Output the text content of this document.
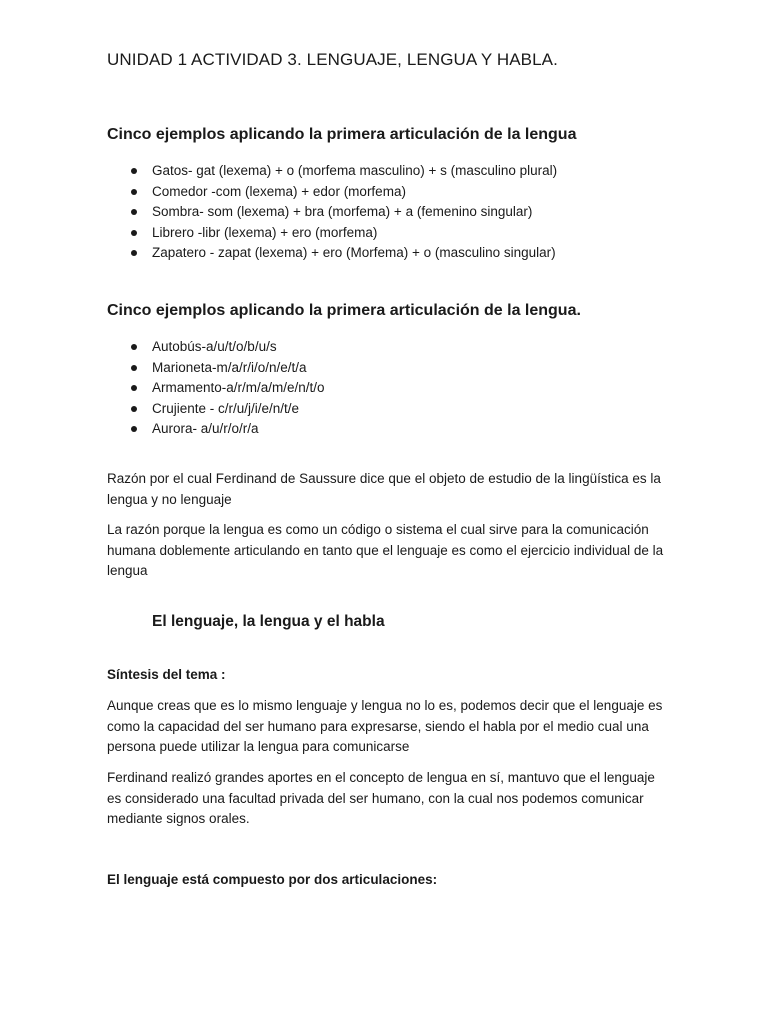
UNIDAD 1 ACTIVIDAD 3. LENGUAJE, LENGUA Y HABLA.
Cinco ejemplos aplicando la primera articulación de la lengua
Gatos- gat (lexema) + o (morfema masculino) + s (masculino plural)
Comedor -com (lexema) + edor (morfema)
Sombra- som (lexema) + bra (morfema) + a (femenino singular)
Librero -libr (lexema) + ero (morfema)
Zapatero - zapat (lexema) + ero (Morfema) + o (masculino singular)
Cinco ejemplos aplicando la primera articulación de la lengua.
Autobús-a/u/t/o/b/u/s
Marioneta-m/a/r/i/o/n/e/t/a
Armamento-a/r/m/a/m/e/n/t/o
Crujiente - c/r/u/j/i/e/n/t/e
Aurora- a/u/r/o/r/a

Razón por el cual Ferdinand de Saussure dice que el objeto de estudio de la lingüística es la lengua y no lenguaje

La razón porque la lengua es como un código o sistema el cual sirve para la comunicación humana doblemente articulando en tanto que el lenguaje es como el ejercicio individual de la lengua

El lenguaje, la lengua y el habla
Síntesis del tema :

Aunque creas que es lo mismo lenguaje y lengua no lo es, podemos decir que el lenguaje es como la capacidad del ser humano para expresarse, siendo el habla por el medio cual una persona puede utilizar la lengua para comunicarse

Ferdinand realizó grandes aportes en el concepto de lengua en sí, mantuvo que el lenguaje es considerado una facultad privada del ser humano, con la cual nos podemos comunicar mediante signos orales.

El lenguaje está compuesto por dos articulaciones:
